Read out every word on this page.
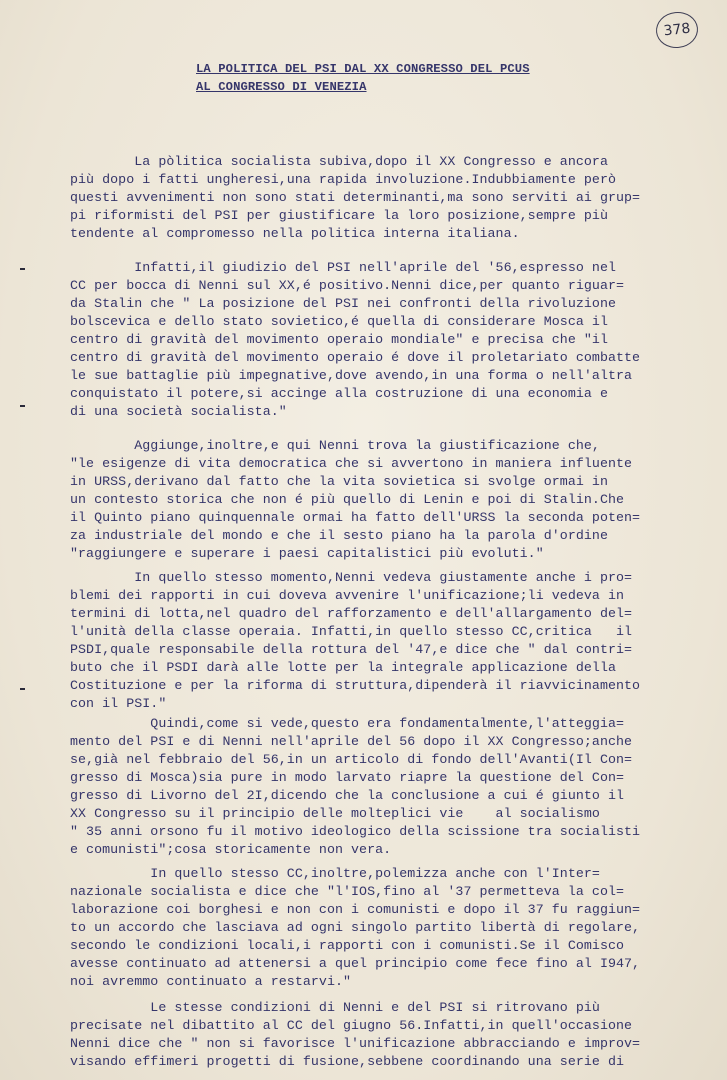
378
LA POLITICA DEL PSI DAL XX CONGRESSO DEL PCUS
AL CONGRESSO DI VENEZIA
La pòlitica socialista subiva,dopo il XX Congresso e ancora
più dopo i fatti ungheresi,una rapida involuzione.Indubbiamente però
questi avvenimenti non sono stati determinanti,ma sono serviti ai grup=
pi riformisti del PSI per giustificare la loro posizione,sempre più
tendente al compromesso nella politica interna italiana.
Infatti,il giudizio del PSI nell'aprile del '56,espresso nel
CC per bocca di Nenni sul XX,é positivo.Nenni dice,per quanto riguar=
da Stalin che " La posizione del PSI nei confronti della rivoluzione
bolscevica e dello stato sovietico,é quella di considerare Mosca il
centro di gravità del movimento operaio mondiale" e precisa che "il
centro di gravità del movimento operaio é dove il proletariato combatte
le sue battaglie più impegnative,dove avendo,in una forma o nell'altra
conquistato il potere,si accinge alla costruzione di una economia e
di una società socialista."
Aggiunge,inoltre,e qui Nenni trova la giustificazione che,
"le esigenze di vita democratica che si avvertono in maniera influente
in URSS,derivano dal fatto che la vita sovietica si svolge ormai in
un contesto storica che non é più quello di Lenin e poi di Stalin.Che
il Quinto piano quinquennale ormai ha fatto dell'URSS la seconda poten=
za industriale del mondo e che il sesto piano ha la parola d'ordine
"raggiungere e superare i paesi capitalistici più evoluti."
In quello stesso momento,Nenni vedeva giustamente anche i pro=
blemi dei rapporti in cui doveva avvenire l'unificazione;li vedeva in
termini di lotta,nel quadro del rafforzamento e dell'allargamento del=
l'unità della classe operaia. Infatti,in quello stesso CC,critica   il
PSDI,quale responsabile della rottura del '47,e dice che " dal contri=
buto che il PSDI darà alle lotte per la integrale applicazione della
Costituzione e per la riforma di struttura,dipenderà il riavvicinamento
con il PSI."
Quindi,come si vede,questo era fondamentalmente,l'atteggia=
mento del PSI e di Nenni nell'aprile del 56 dopo il XX Congresso;anche
se,già nel febbraio del 56,in un articolo di fondo dell'Avanti(Il Con=
gresso di Mosca)sia pure in modo larvato riapre la questione del Con=
gresso di Livorno del 2I,dicendo che la conclusione a cui é giunto il
XX Congresso su il principio delle molteplici vie    al socialismo
" 35 anni orsono fu il motivo ideologico della scissione tra socialisti
e comunisti";cosa storicamente non vera.
In quello stesso CC,inoltre,polemizza anche con l'Inter=
nazionale socialista e dice che "l'IOS,fino al '37 permetteva la col=
laborazione coi borghesi e non con i comunisti e dopo il 37 fu raggiun=
to un accordo che lasciava ad ogni singolo partito libertà di regolare,
secondo le condizioni locali,i rapporti con i comunisti.Se il Comisco
avesse continuato ad attenersi a quel principio come fece fino al I947,
noi avremmo continuato a restarvi."
Le stesse condizioni di Nenni e del PSI si ritrovano più
precisate nel dibattito al CC del giugno 56.Infatti,in quell'occasione
Nenni dice che " non si favorisce l'unificazione abbracciando e improv=
visando effimeri progetti di fusione,sebbene coordinando una serie di
